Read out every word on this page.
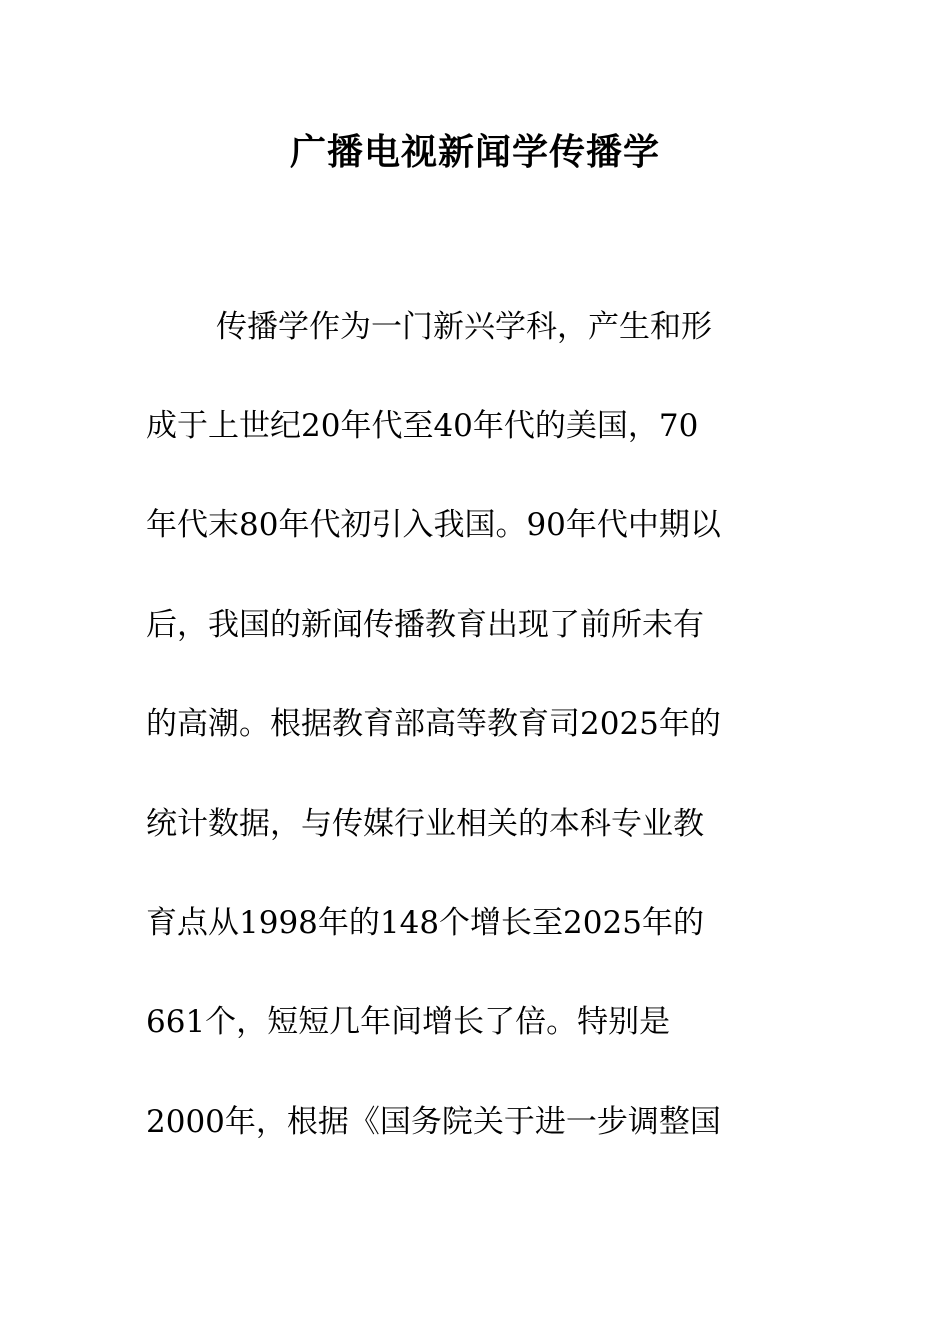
广播电视新闻学传播学
传播学作为一门新兴学科，产生和形
成于上世纪20年代至40年代的美国，70
年代末80年代初引入我国。90年代中期以
后，我国的新闻传播教育出现了前所未有
的高潮。根据教育部高等教育司2025年的
统计数据，与传媒行业相关的本科专业教
育点从1998年的148个增长至2025年的
661个，短短几年间增长了倍。特别是
2000年，根据《国务院关于进一步调整国
